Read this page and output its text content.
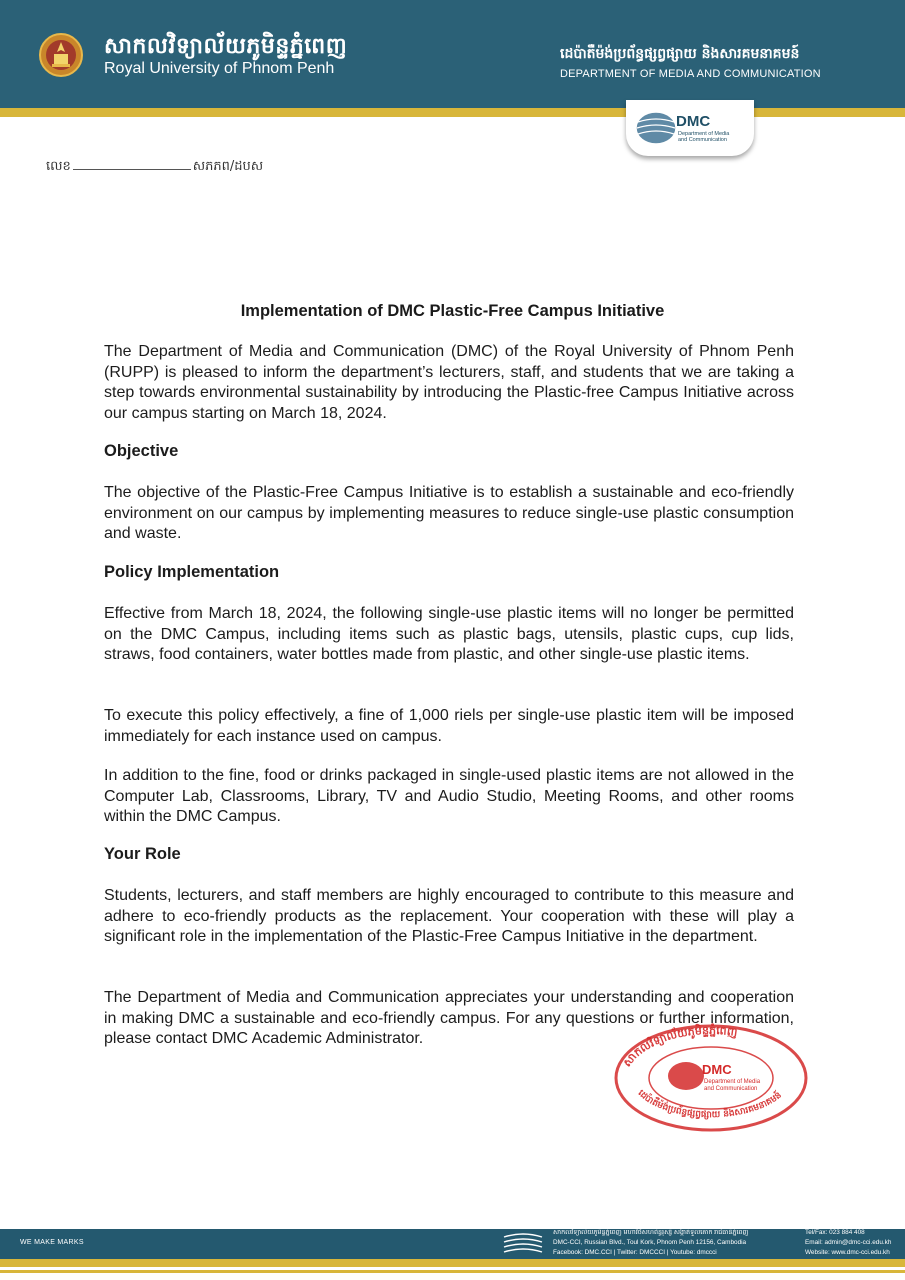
សាកលវិទ្យាល័យភូមិន្ទភ្នំពេញ
Royal University of Phnom Penh
ដេប៉ាតឺម៉ង់ប្រព័ន្ធផ្សព្វផ្សាយ និងសារគមនាគមន៍
DEPARTMENT OF MEDIA AND COMMUNICATION
DMC
Department of Media
and Communication
លេខ	សភភព/ដបស
Implementation of DMC Plastic-Free Campus Initiative
The Department of Media and Communication (DMC) of the Royal University of Phnom Penh (RUPP) is pleased to inform the department’s lecturers, staff, and students that we are taking a step towards environmental sustainability by introducing the Plastic-free Campus Initiative across our campus starting on March 18, 2024.
Objective
The objective of the Plastic-Free Campus Initiative is to establish a sustainable and eco-friendly environment on our campus by implementing measures to reduce single-use plastic consumption and waste.
Policy Implementation
Effective from March 18, 2024, the following single-use plastic items will no longer be permitted on the DMC Campus, including items such as plastic bags, utensils, plastic cups, cup lids, straws, food containers, water bottles made from plastic, and other single-use plastic items.
To execute this policy effectively, a fine of 1,000 riels per single-use plastic item will be imposed immediately for each instance used on campus.
In addition to the fine, food or drinks packaged in single-used plastic items are not allowed in the Computer Lab, Classrooms, Library, TV and Audio Studio, Meeting Rooms, and other rooms within the DMC Campus.
Your Role
Students, lecturers, and staff members are highly encouraged to contribute to this measure and adhere to eco-friendly products as the replacement. Your cooperation with these will play a significant role in the implementation of the Plastic-Free Campus Initiative in the department.
The Department of Media and Communication appreciates your understanding and cooperation in making DMC a sustainable and eco-friendly campus. For any questions or further information, please contact DMC Academic Administrator.
សាកលវិទ្យាល័យភូមិន្ទភ្នំពេញ
ដេប៉ាតឺម៉ង់ប្រព័ន្ធផ្សព្វផ្សាយ និងសារគមនាគមន៍
DMC
Department of Media
and Communication
WE MAKE MARKS
សាកលវិទ្យាល័យភូមិន្ទភ្នំពេញ មហាវិថីសហព័ន្ធរុស្សី សង្កាត់ទួលគោក រាជធានីភ្នំពេញ
DMC-CCI, Russian Blvd., Toul Kork, Phnom Penh 12156, Cambodia
Facebook: DMC.CCI | Twitter: DMCCCI | Youtube: dmccci
Tel/Fax: 023 884 408
Email: admin@dmc-cci.edu.kh
Website: www.dmc-cci.edu.kh
